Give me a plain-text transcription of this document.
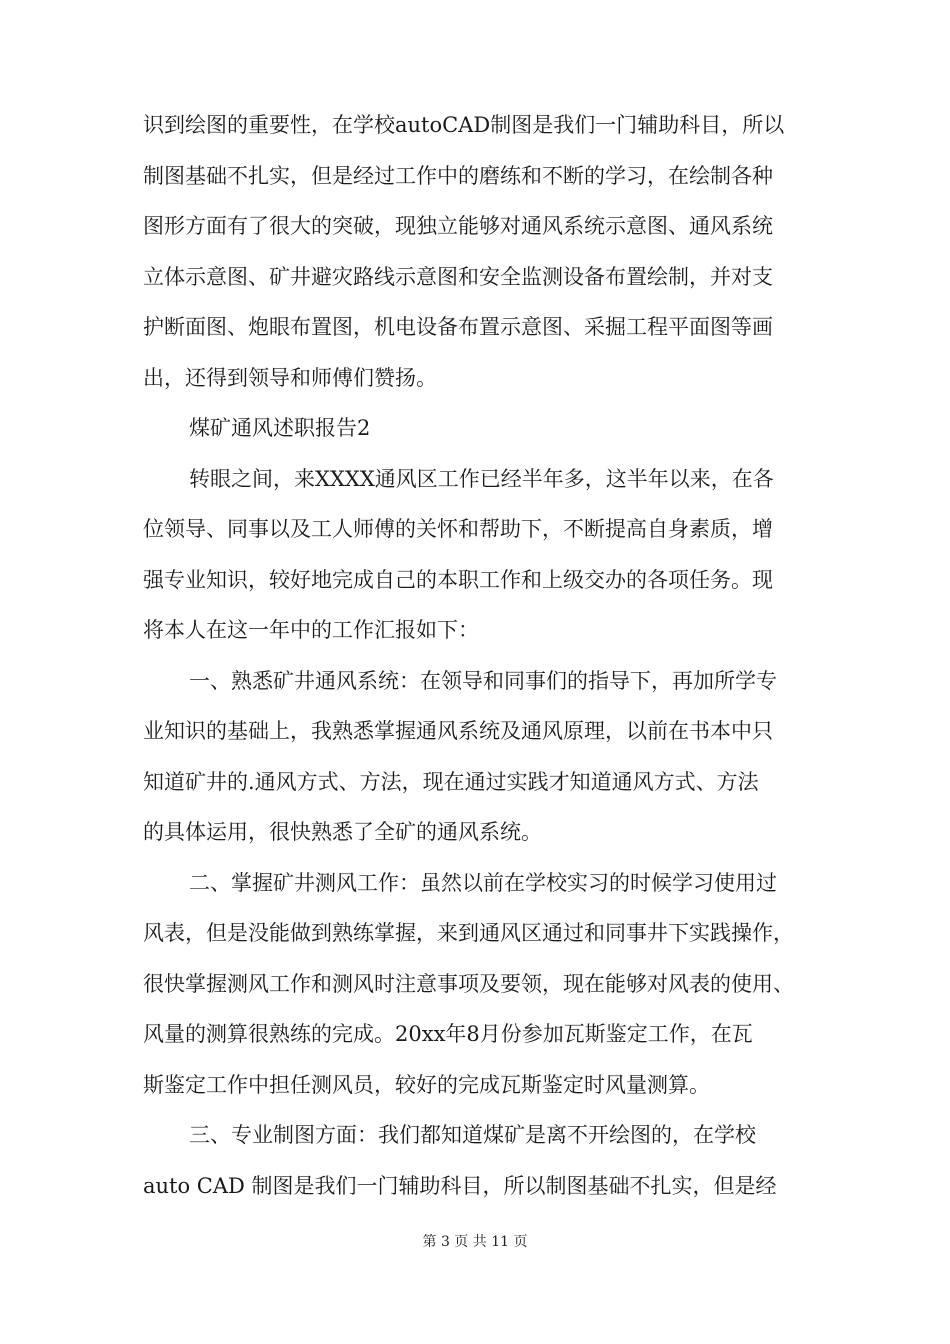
识到绘图的重要性，在学校autoCAD制图是我们一门辅助科目，所以
制图基础不扎实，但是经过工作中的磨练和不断的学习，在绘制各种
图形方面有了很大的突破，现独立能够对通风系统示意图、通风系统
立体示意图、矿井避灾路线示意图和安全监测设备布置绘制，并对支
护断面图、炮眼布置图，机电设备布置示意图、采掘工程平面图等画
出，还得到领导和师傅们赞扬。
煤矿通风述职报告2
转眼之间，来XXXX通风区工作已经半年多，这半年以来，在各
位领导、同事以及工人师傅的关怀和帮助下，不断提高自身素质，增
强专业知识，较好地完成自己的本职工作和上级交办的各项任务。现
将本人在这一年中的工作汇报如下：
一、熟悉矿井通风系统：在领导和同事们的指导下，再加所学专
业知识的基础上，我熟悉掌握通风系统及通风原理，以前在书本中只
知道矿井的.通风方式、方法，现在通过实践才知道通风方式、方法
的具体运用，很快熟悉了全矿的通风系统。
二、掌握矿井测风工作：虽然以前在学校实习的时候学习使用过
风表，但是没能做到熟练掌握，来到通风区通过和同事井下实践操作，
很快掌握测风工作和测风时注意事项及要领，现在能够对风表的使用、
风量的测算很熟练的完成。20xx年8月份参加瓦斯鉴定工作，在瓦
斯鉴定工作中担任测风员，较好的完成瓦斯鉴定时风量测算。
三、专业制图方面：我们都知道煤矿是离不开绘图的，在学校
auto CAD 制图是我们一门辅助科目，所以制图基础不扎实，但是经
第 3 页 共 11 页
